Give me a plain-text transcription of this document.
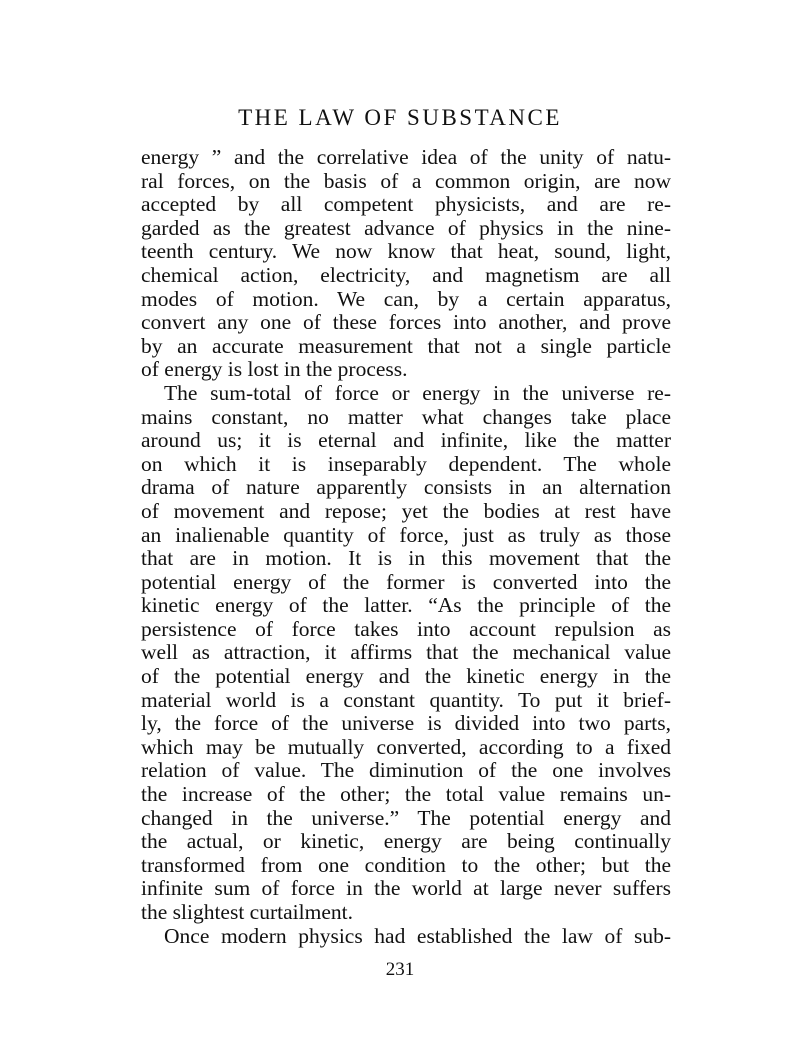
THE LAW OF SUBSTANCE
energy ” and the correlative idea of the unity of natu-
ral forces, on the basis of a common origin, are now
accepted by all competent physicists, and are re-
garded as the greatest advance of physics in the nine-
teenth century. We now know that heat, sound, light,
chemical action, electricity, and magnetism are all
modes of motion. We can, by a certain apparatus,
convert any one of these forces into another, and prove
by an accurate measurement that not a single particle
of energy is lost in the process.
The sum-total of force or energy in the universe re-
mains constant, no matter what changes take place
around us; it is eternal and infinite, like the matter
on which it is inseparably dependent. The whole
drama of nature apparently consists in an alternation
of movement and repose; yet the bodies at rest have
an inalienable quantity of force, just as truly as those
that are in motion. It is in this movement that the
potential energy of the former is converted into the
kinetic energy of the latter. “As the principle of the
persistence of force takes into account repulsion as
well as attraction, it affirms that the mechanical value
of the potential energy and the kinetic energy in the
material world is a constant quantity. To put it brief-
ly, the force of the universe is divided into two parts,
which may be mutually converted, according to a fixed
relation of value. The diminution of the one involves
the increase of the other; the total value remains un-
changed in the universe.” The potential energy and
the actual, or kinetic, energy are being continually
transformed from one condition to the other; but the
infinite sum of force in the world at large never suffers
the slightest curtailment.
Once modern physics had established the law of sub-
231
